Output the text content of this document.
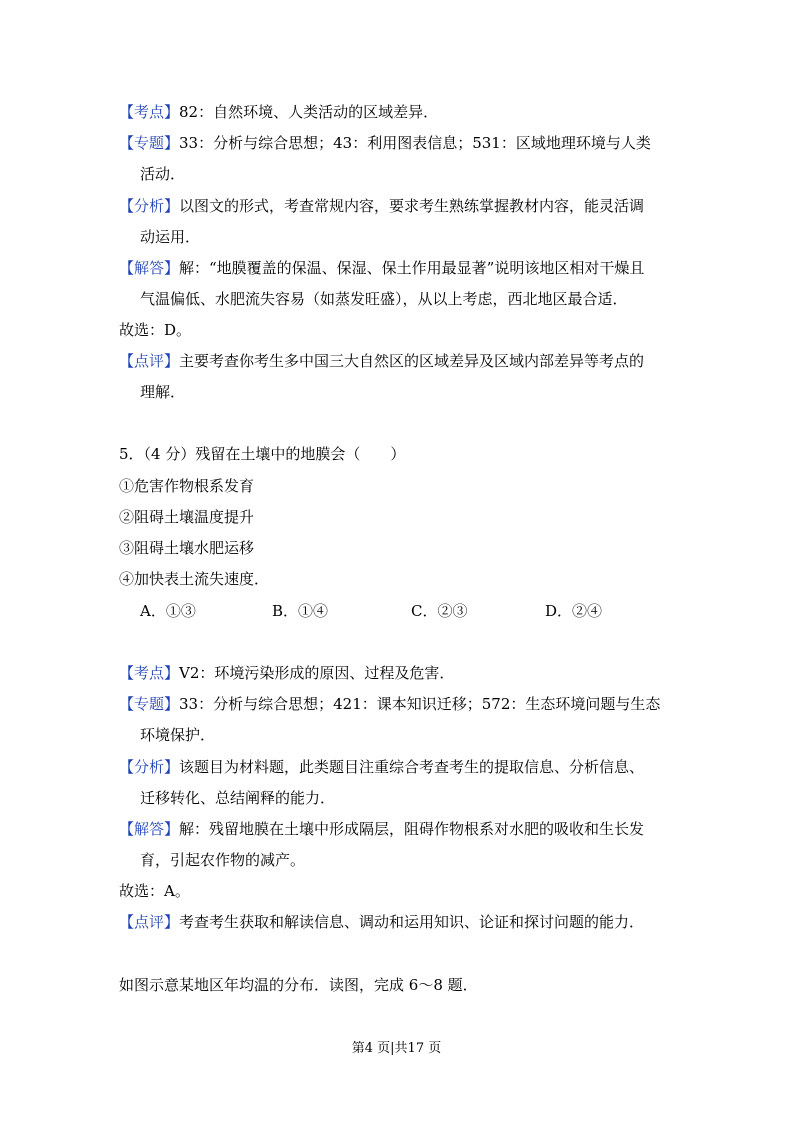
【考点】82：自然环境、人类活动的区域差异．
【专题】33：分析与综合思想；43：利用图表信息；531：区域地理环境与人类
活动．
【分析】以图文的形式，考查常规内容，要求考生熟练掌握教材内容，能灵活调
动运用．
【解答】解：“地膜覆盖的保温、保湿、保土作用最显著”说明该地区相对干燥且
气温偏低、水肥流失容易（如蒸发旺盛），从以上考虑，西北地区最合适．
故选：D。
【点评】主要考查你考生多中国三大自然区的区域差异及区域内部差异等考点的
理解．
5．（4 分）残留在土壤中的地膜会（　　）
①危害作物根系发育
②阻碍土壤温度提升
③阻碍土壤水肥运移
④加快表土流失速度．
A．①③	B．①④	C．②③	D．②④
【考点】V2：环境污染形成的原因、过程及危害．
【专题】33：分析与综合思想；421：课本知识迁移；572：生态环境问题与生态
环境保护．
【分析】该题目为材料题，此类题目注重综合考查考生的提取信息、分析信息、
迁移转化、总结阐释的能力．
【解答】解：残留地膜在土壤中形成隔层，阻碍作物根系对水肥的吸收和生长发
育，引起农作物的减产。
故选：A。
【点评】考查考生获取和解读信息、调动和运用知识、论证和探讨问题的能力．
如图示意某地区年均温的分布．读图，完成 6～8 题．
第4 页|共17 页
